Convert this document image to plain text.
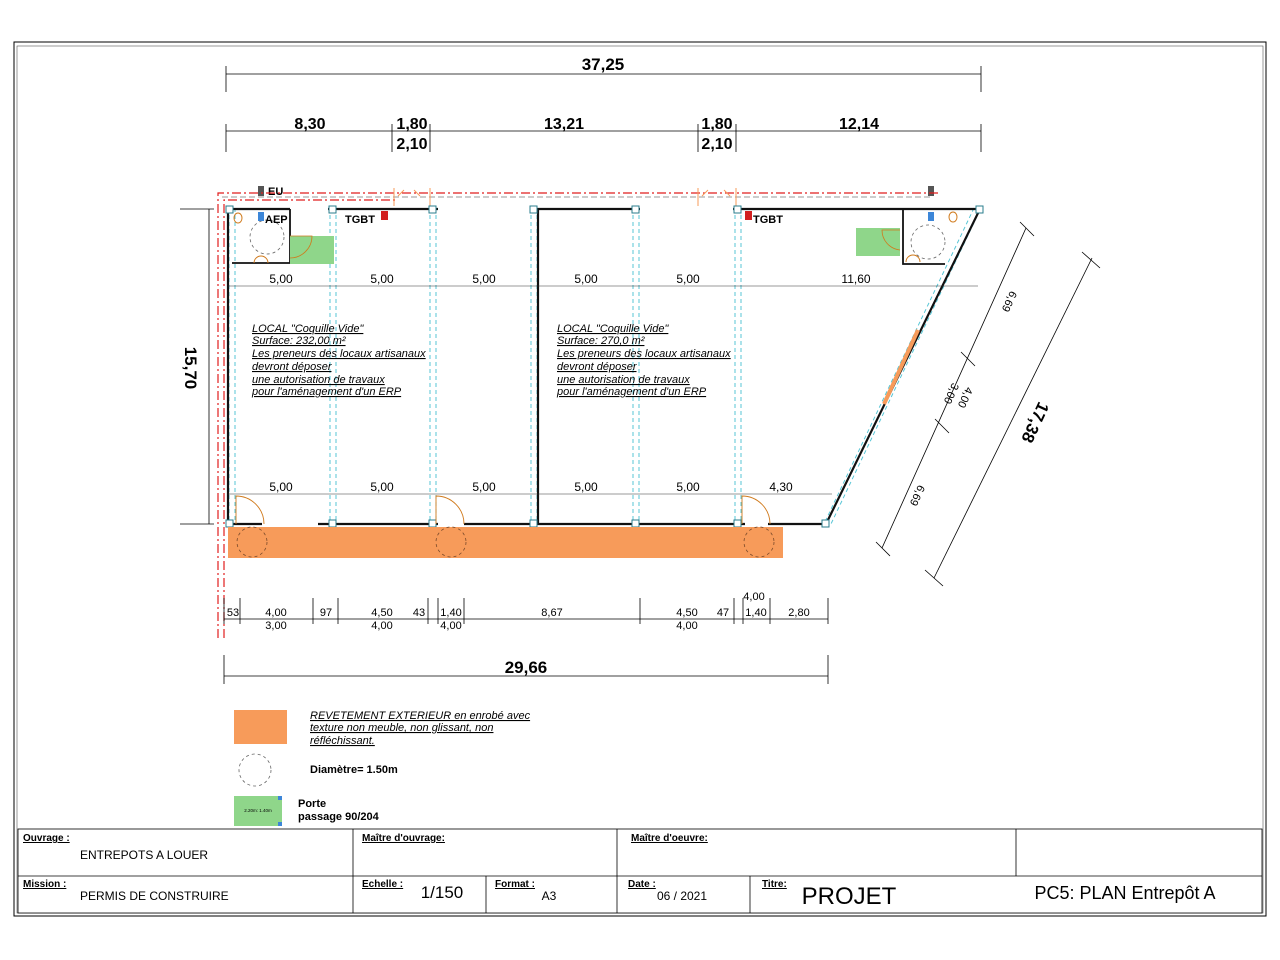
37,25
8,30	1,80
2,10
13,21	1,80
2,10
12,14
EU
AEP	TGBT	TGBT
5,00	5,00	5,00	5,00	5,00	11,60
5,00	5,00	5,00	5,00	5,00	4,30
LOCAL "Coquille Vide"
Surface: 232,00 m²
Les preneurs des locaux artisanaux
devront déposer
une autorisation de travaux
pour l'aménagement d'un ERP
LOCAL "Coquille Vide"
Surface: 270,0 m²
Les preneurs des locaux artisanaux
devront déposer
une autorisation de travaux
pour l'aménagement d'un ERP
15,70
6,69
3,00
4,00
6,69
17,38
53 4,00	97	4,50 43 1,40	8,67	4,50 47 1,40 2,80
3,00	4,00	4,00	4,00
4,00
29,66
REVETEMENT EXTERIEUR en enrobé avec
texture non meuble, non glissant, non
réfléchissant.
Diamètre= 1.50m
2.20m: 1.40m
Porte
passage 90/204
Ouvrage :
ENTREPOTS A LOUER
Maître d'ouvrage:	Maître d'oeuvre:
Mission :
PERMIS DE CONSTRUIRE
Echelle : 1/150	Format :
A3
Date :
06 / 2021
Titre: PROJET	PC5: PLAN Entrepôt A
